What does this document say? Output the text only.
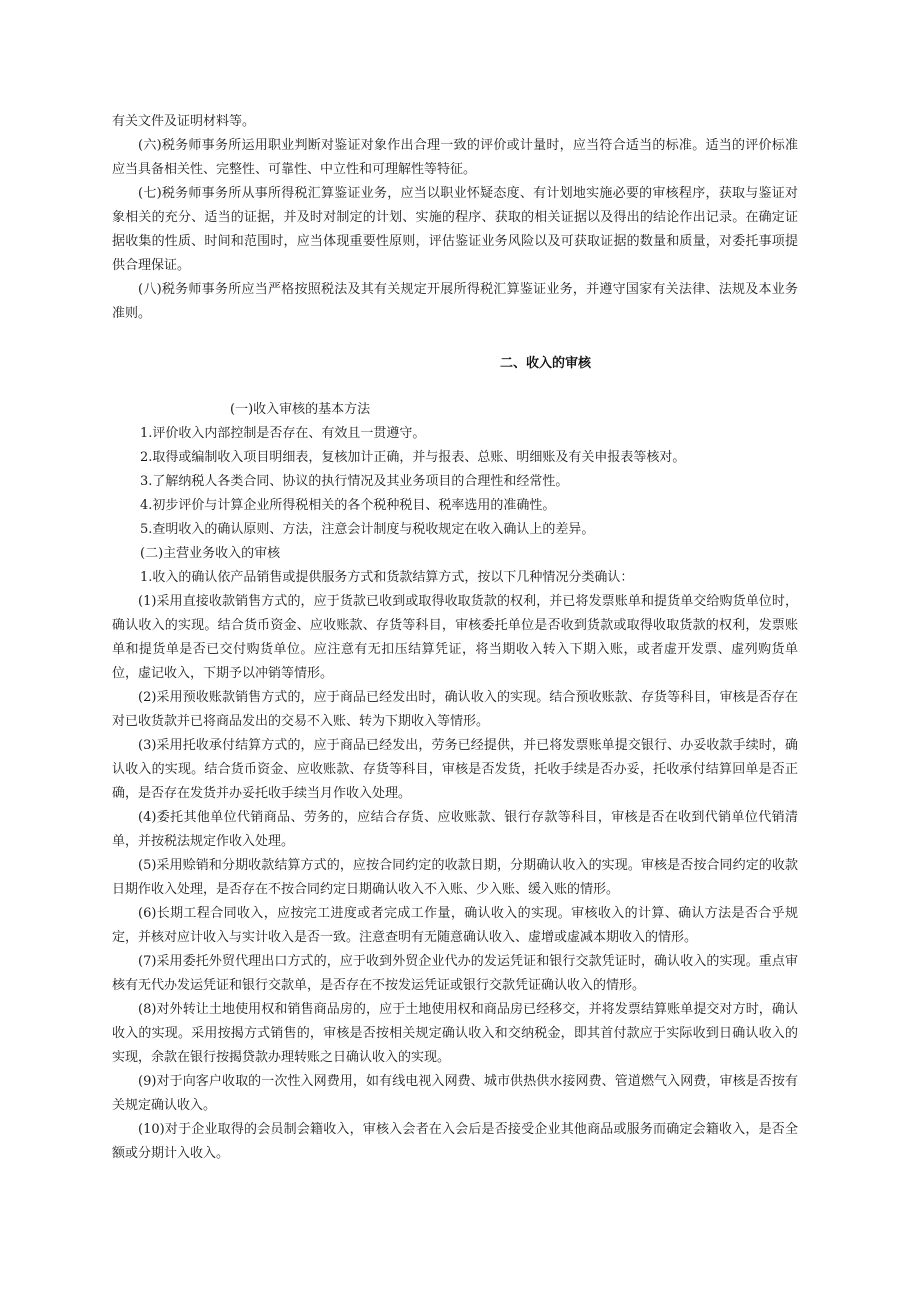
有关文件及证明材料等。

(六)税务师事务所运用职业判断对鉴证对象作出合理一致的评价或计量时，应当符合适当的标准。适当的评价标准应当具备相关性、完整性、可靠性、中立性和可理解性等特征。

(七)税务师事务所从事所得税汇算鉴证业务，应当以职业怀疑态度、有计划地实施必要的审核程序，获取与鉴证对象相关的充分、适当的证据，并及时对制定的计划、实施的程序、获取的相关证据以及得出的结论作出记录。在确定证据收集的性质、时间和范围时，应当体现重要性原则，评估鉴证业务风险以及可获取证据的数量和质量，对委托事项提供合理保证。

(八)税务师事务所应当严格按照税法及其有关规定开展所得税汇算鉴证业务，并遵守国家有关法律、法规及本业务准则。

二、收入的审核

(一)收入审核的基本方法

1.评价收入内部控制是否存在、有效且一贯遵守。

2.取得或编制收入项目明细表，复核加计正确，并与报表、总账、明细账及有关申报表等核对。

3.了解纳税人各类合同、协议的执行情况及其业务项目的合理性和经常性。

4.初步评价与计算企业所得税相关的各个税种税目、税率选用的准确性。

5.查明收入的确认原则、方法，注意会计制度与税收规定在收入确认上的差异。

(二)主营业务收入的审核

1.收入的确认依产品销售或提供服务方式和货款结算方式，按以下几种情况分类确认：

(1)采用直接收款销售方式的，应于货款已收到或取得收取货款的权利，并已将发票账单和提货单交给购货单位时，确认收入的实现。结合货币资金、应收账款、存货等科目，审核委托单位是否收到货款或取得收取货款的权利，发票账单和提货单是否已交付购货单位。应注意有无扣压结算凭证，将当期收入转入下期入账，或者虚开发票、虚列购货单位，虚记收入，下期予以冲销等情形。

(2)采用预收账款销售方式的，应于商品已经发出时，确认收入的实现。结合预收账款、存货等科目，审核是否存在对已收货款并已将商品发出的交易不入账、转为下期收入等情形。

(3)采用托收承付结算方式的，应于商品已经发出，劳务已经提供，并已将发票账单提交银行、办妥收款手续时，确认收入的实现。结合货币资金、应收账款、存货等科目，审核是否发货，托收手续是否办妥，托收承付结算回单是否正确，是否存在发货并办妥托收手续当月作收入处理。

(4)委托其他单位代销商品、劳务的，应结合存货、应收账款、银行存款等科目，审核是否在收到代销单位代销清单，并按税法规定作收入处理。

(5)采用赊销和分期收款结算方式的，应按合同约定的收款日期，分期确认收入的实现。审核是否按合同约定的收款日期作收入处理，是否存在不按合同约定日期确认收入不入账、少入账、缓入账的情形。

(6)长期工程合同收入，应按完工进度或者完成工作量，确认收入的实现。审核收入的计算、确认方法是否合乎规定，并核对应计收入与实计收入是否一致。注意查明有无随意确认收入、虚增或虚减本期收入的情形。

(7)采用委托外贸代理出口方式的，应于收到外贸企业代办的发运凭证和银行交款凭证时，确认收入的实现。重点审核有无代办发运凭证和银行交款单，是否存在不按发运凭证或银行交款凭证确认收入的情形。

(8)对外转让土地使用权和销售商品房的，应于土地使用权和商品房已经移交，并将发票结算账单提交对方时，确认收入的实现。采用按揭方式销售的，审核是否按相关规定确认收入和交纳税金，即其首付款应于实际收到日确认收入的实现，余款在银行按揭贷款办理转账之日确认收入的实现。

(9)对于向客户收取的一次性入网费用，如有线电视入网费、城市供热供水接网费、管道燃气入网费，审核是否按有关规定确认收入。

(10)对于企业取得的会员制会籍收入，审核入会者在入会后是否接受企业其他商品或服务而确定会籍收入，是否全额或分期计入收入。
